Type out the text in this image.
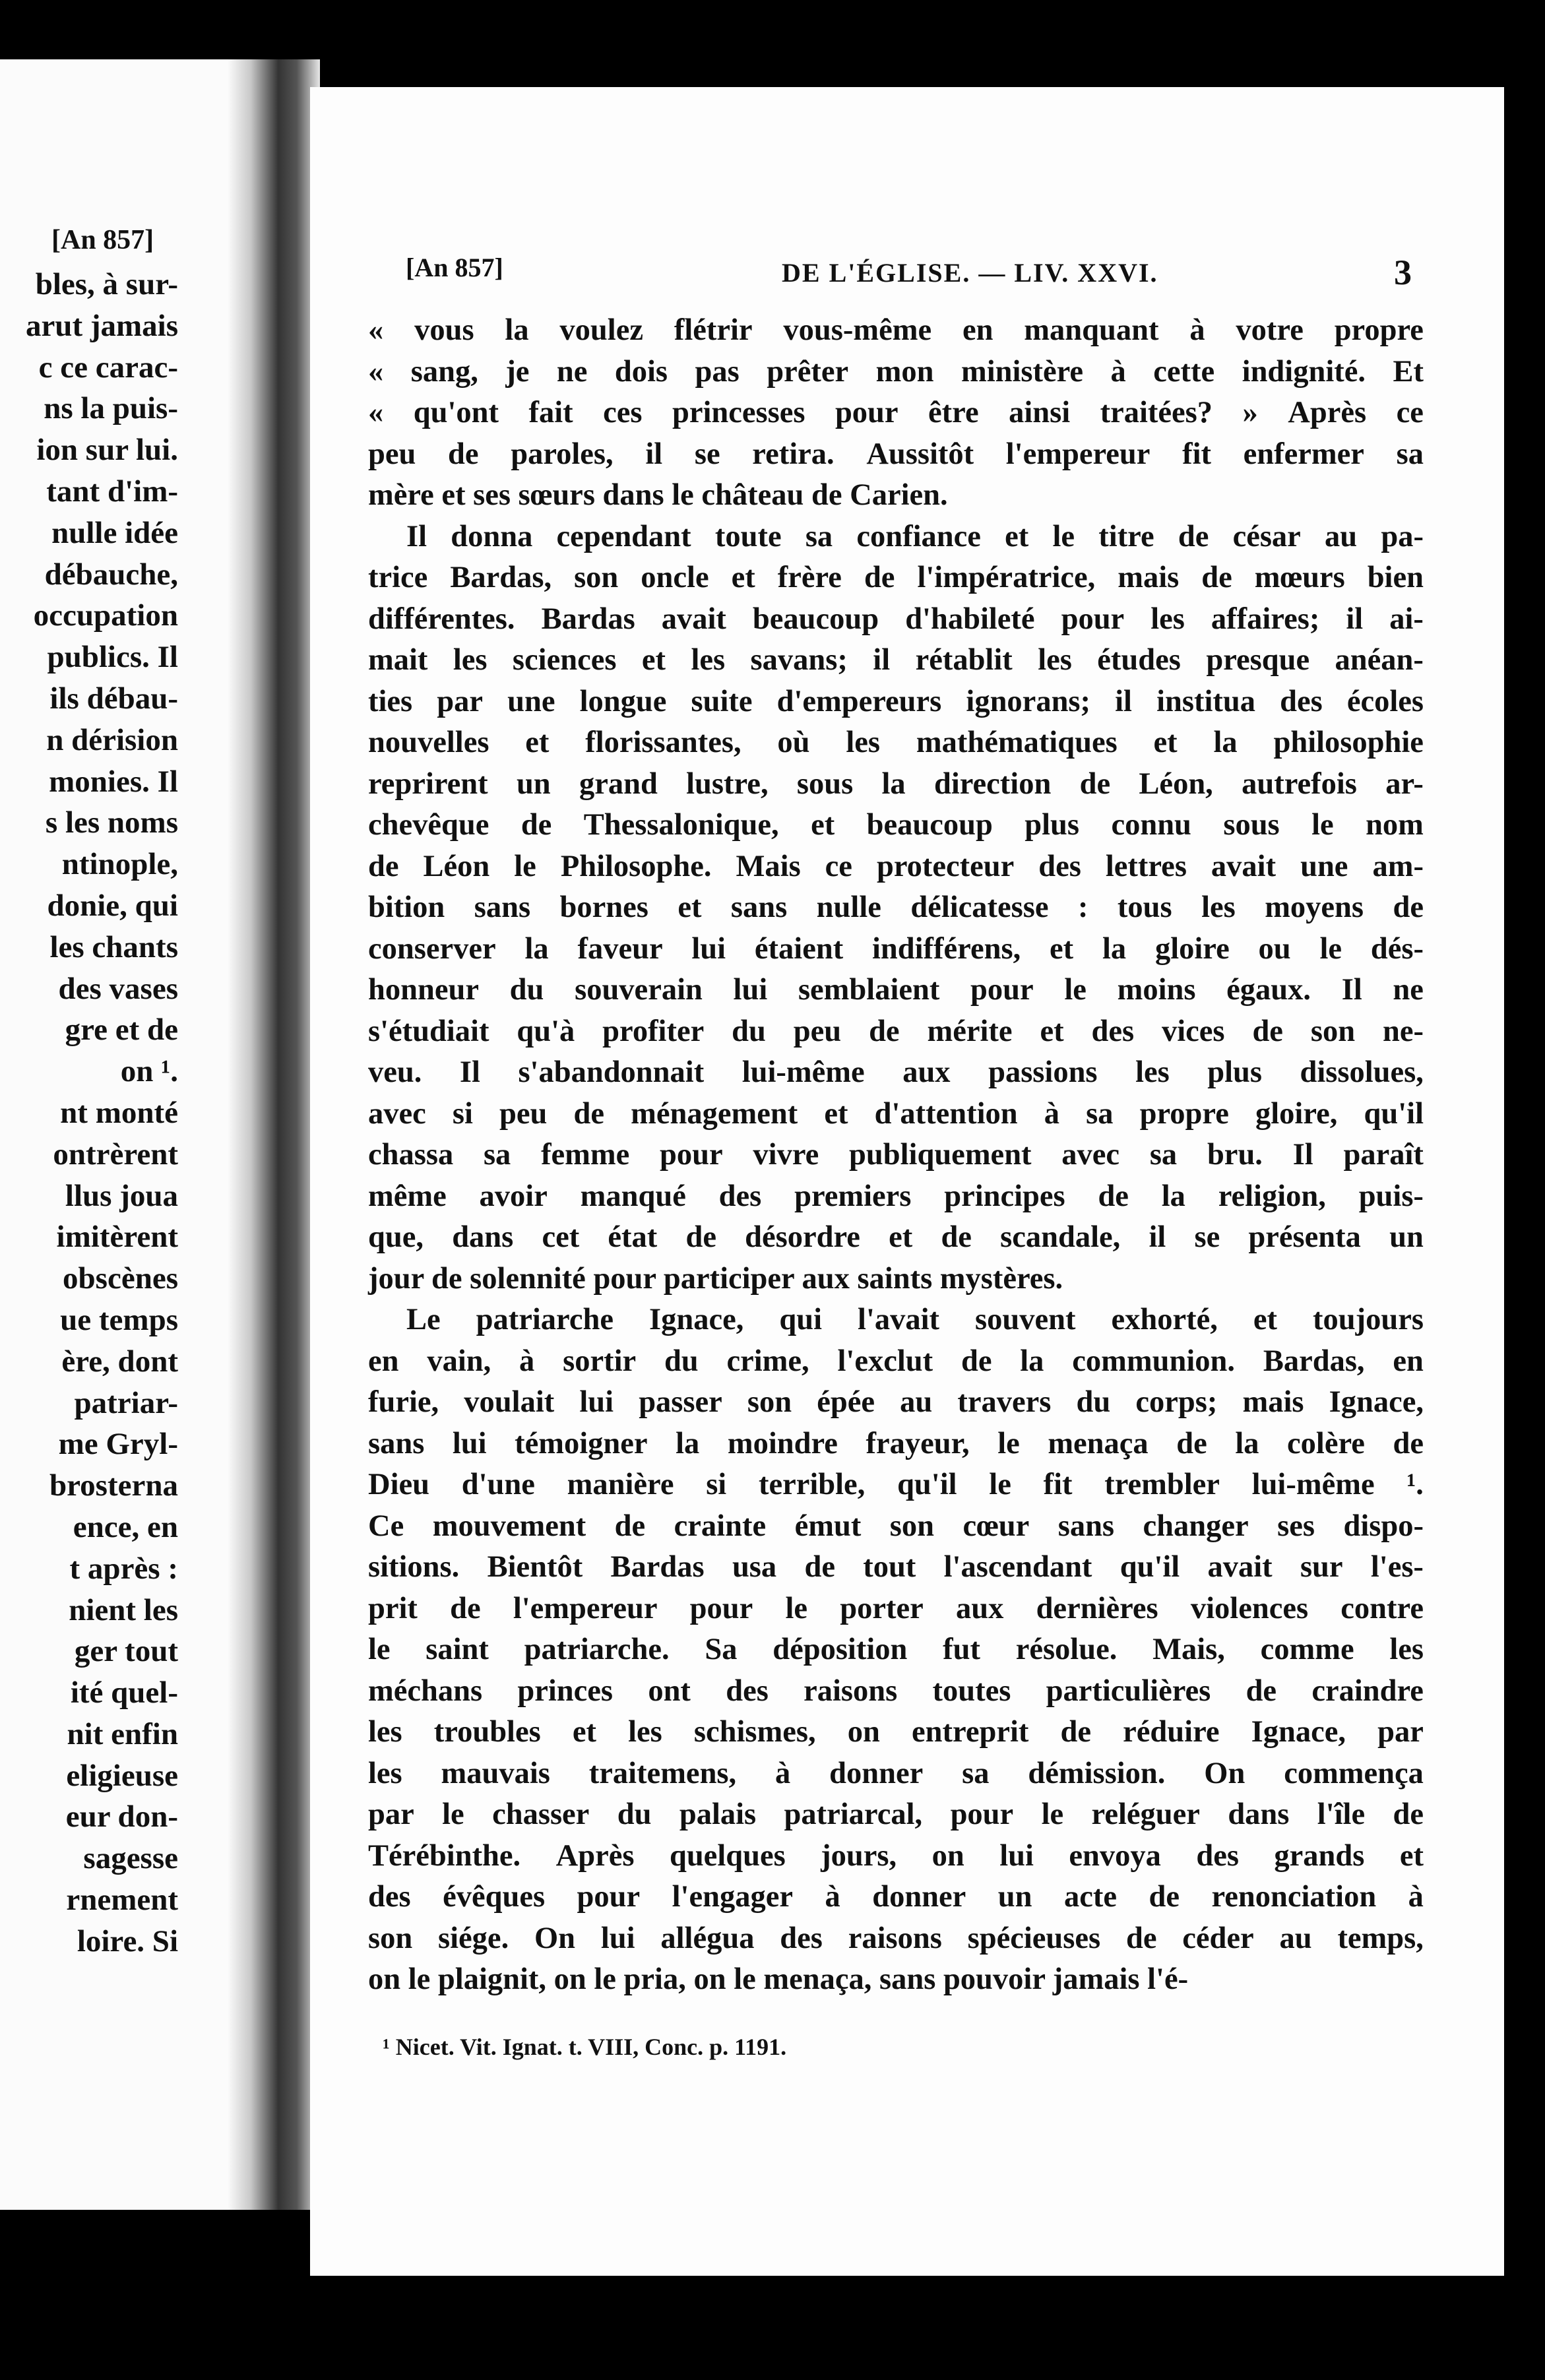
[An 857]
bles, à sur-
arut jamais
c ce carac-
ns la puis-
ion sur lui.
tant d'im-
nulle idée
débauche,
occupation
publics. Il
ils débau-
n dérision
monies. Il
s les noms
ntinople,
donie, qui
les chants
des vases
gre et de
on ¹.
nt monté
ontrèrent
llus joua
imitèrent
obscènes
ue temps
ère, dont
patriar-
me Gryl-
brosterna
ence, en
t après :
nient les
ger tout
ité quel-
nit enfin
eligieuse
eur don-
sagesse
rnement
loire. Si
[An 857]	DE L'ÉGLISE. — LIV. XXVI.	3
« vous la voulez flétrir vous-même en manquant à votre propre
« sang, je ne dois pas prêter mon ministère à cette indignité. Et
« qu'ont fait ces princesses pour être ainsi traitées? » Après ce
peu de paroles, il se retira. Aussitôt l'empereur fit enfermer sa
mère et ses sœurs dans le château de Carien.
Il donna cependant toute sa confiance et le titre de césar au pa-
trice Bardas, son oncle et frère de l'impératrice, mais de mœurs bien
différentes. Bardas avait beaucoup d'habileté pour les affaires; il ai-
mait les sciences et les savans; il rétablit les études presque anéan-
ties par une longue suite d'empereurs ignorans; il institua des écoles
nouvelles et florissantes, où les mathématiques et la philosophie
reprirent un grand lustre, sous la direction de Léon, autrefois ar-
chevêque de Thessalonique, et beaucoup plus connu sous le nom
de Léon le Philosophe. Mais ce protecteur des lettres avait une am-
bition sans bornes et sans nulle délicatesse : tous les moyens de
conserver la faveur lui étaient indifférens, et la gloire ou le dés-
honneur du souverain lui semblaient pour le moins égaux. Il ne
s'étudiait qu'à profiter du peu de mérite et des vices de son ne-
veu. Il s'abandonnait lui-même aux passions les plus dissolues,
avec si peu de ménagement et d'attention à sa propre gloire, qu'il
chassa sa femme pour vivre publiquement avec sa bru. Il paraît
même avoir manqué des premiers principes de la religion, puis-
que, dans cet état de désordre et de scandale, il se présenta un
jour de solennité pour participer aux saints mystères.
Le patriarche Ignace, qui l'avait souvent exhorté, et toujours
en vain, à sortir du crime, l'exclut de la communion. Bardas, en
furie, voulait lui passer son épée au travers du corps; mais Ignace,
sans lui témoigner la moindre frayeur, le menaça de la colère de
Dieu d'une manière si terrible, qu'il le fit trembler lui-même ¹.
Ce mouvement de crainte émut son cœur sans changer ses dispo-
sitions. Bientôt Bardas usa de tout l'ascendant qu'il avait sur l'es-
prit de l'empereur pour le porter aux dernières violences contre
le saint patriarche. Sa déposition fut résolue. Mais, comme les
méchans princes ont des raisons toutes particulières de craindre
les troubles et les schismes, on entreprit de réduire Ignace, par
les mauvais traitemens, à donner sa démission. On commença
par le chasser du palais patriarcal, pour le reléguer dans l'île de
Térébinthe. Après quelques jours, on lui envoya des grands et
des évêques pour l'engager à donner un acte de renonciation à
son siége. On lui allégua des raisons spécieuses de céder au temps,
on le plaignit, on le pria, on le menaça, sans pouvoir jamais l'é-
¹ Nicet. Vit. Ignat. t. VIII, Conc. p. 1191.
